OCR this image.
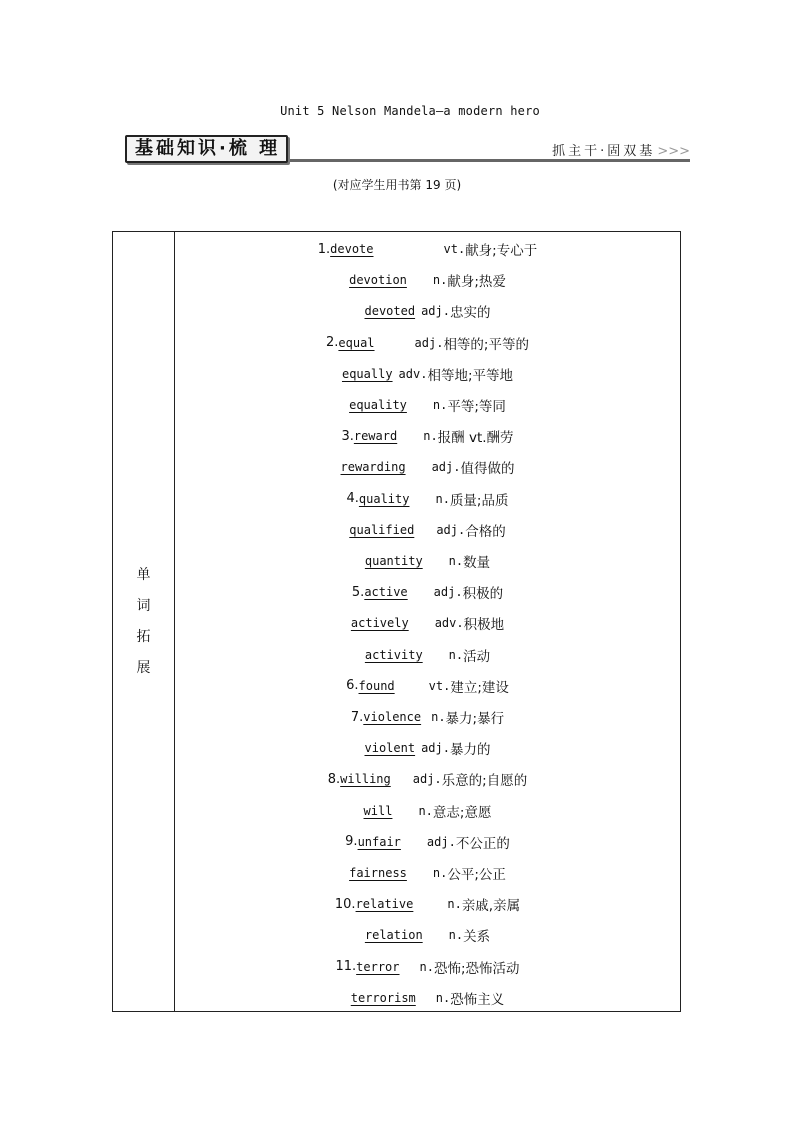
Unit 5 Nelson Mandela—a modern hero
基础知识·梳 理	抓主干·固双基 >>>
(对应学生用书第 19 页)
单
词
拓
展
1. devote	vt. 献身;专心于
devotion n. 献身;热爱
devoted adj. 忠实的
2. equal	adj. 相等的;平等的
equally adv. 相等地;平等地
equality n. 平等;等同
3. reward n. 报酬 vt.酬劳
rewarding adj. 值得做的
4. quality n. 质量;品质
qualified adj. 合格的
quantity n. 数量
5. active adj. 积极的
actively adv. 积极地
activity n. 活动
6. found	vt. 建立;建设
7. violence n. 暴力;暴行
violent adj. 暴力的
8. willing adj. 乐意的;自愿的
will n. 意志;意愿
9. unfair adj. 不公正的
fairness n. 公平;公正
10. relative	n. 亲戚,亲属
relation n. 关系
11. terror n. 恐怖;恐怖活动
terrorism n. 恐怖主义
